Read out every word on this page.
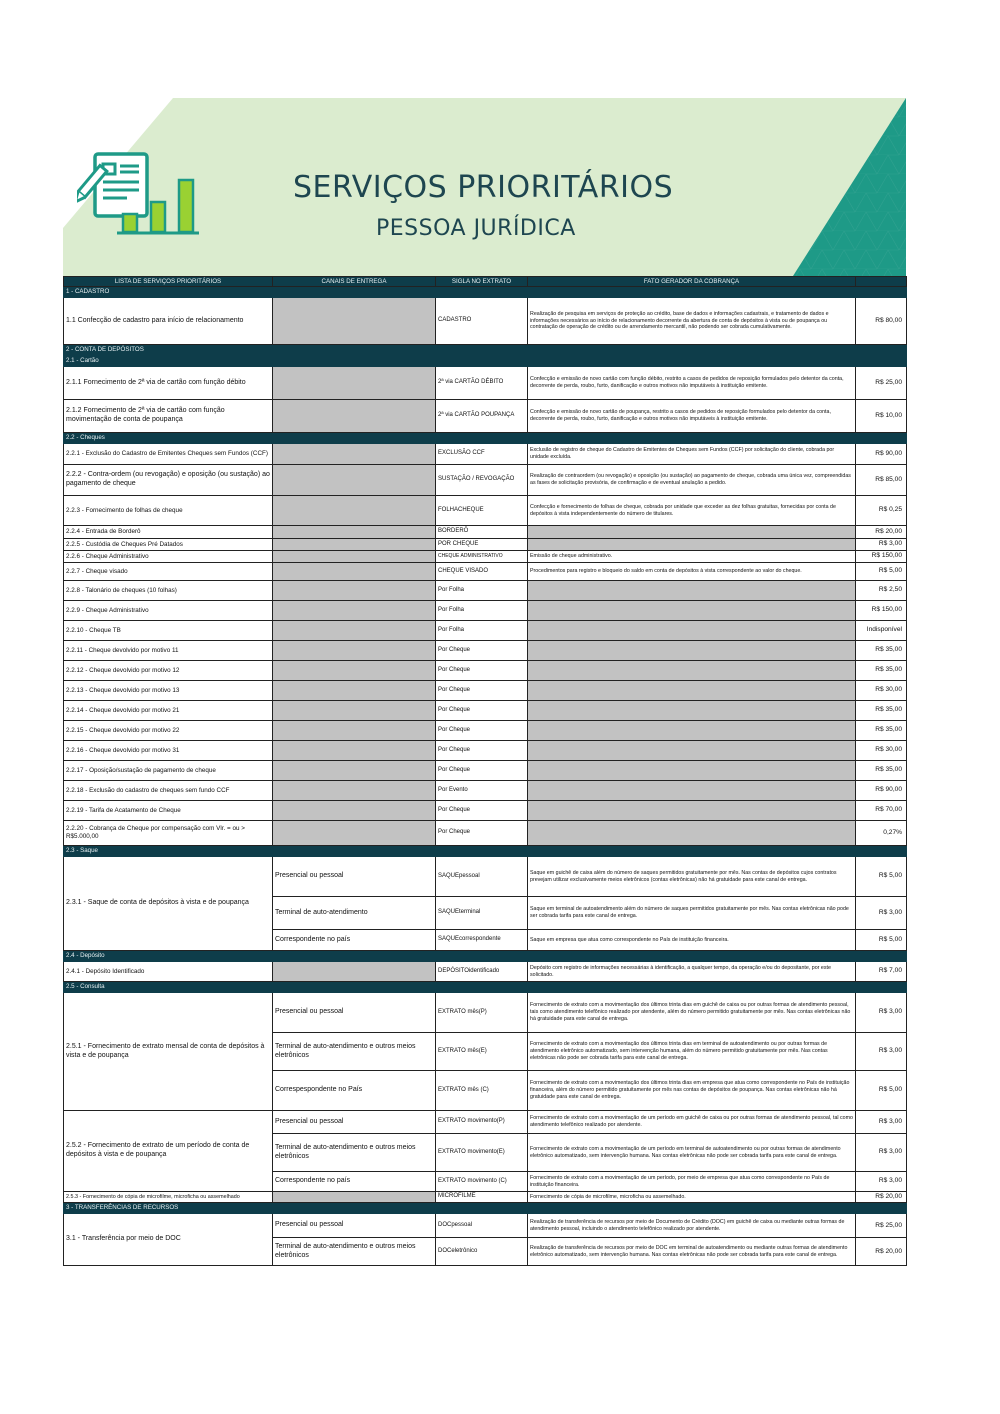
SERVIÇOS PRIORITÁRIOS
PESSOA JURÍDICA
LISTA DE SERVIÇOS PRIORITÁRIOS	CANAIS DE ENTREGA	SIGLA NO EXTRATO	FATO GERADOR DA COBRANÇA	
1 - CADASTRO				
1.1 Confecção de cadastro para início de relacionamento		CADASTRO	Realização de pesquisa em serviços de proteção ao crédito, base de dados e informações cadastrais, e tratamento de dados e informações necessários ao início de relacionamento decorrente da abertura de conta de depósitos à vista ou de poupança ou contratação de operação de crédito ou de arrendamento mercantil, não podendo ser cobrada cumulativamente.	R$ 80,00
2 - CONTA DE DEPÓSITOS				
2.1 - Cartão				
2.1.1 Fornecimento de 2ª via de cartão com função débito		2ª via CARTÃO DÉBITO	Confecção e emissão de novo cartão com função débito, restrito a casos de pedidos de reposição formulados pelo detentor da conta, decorrente de perda, roubo, furto, danificação e outros motivos não imputáveis à instituição emitente.	R$ 25,00
2.1.2 Fornecimento de 2ª via de cartão com função movimentação de conta de poupança		2ª via CARTÃO POUPANÇA	Confecção e emissão de novo cartão de poupança, restrito a casos de pedidos de reposição formulados pelo detentor da conta, decorrente de perda, roubo, furto, danificação e outros motivos não imputáveis à instituição emitente.	R$ 10,00
2.2 - Cheques				
2.2.1 - Exclusão do Cadastro de Emitentes Cheques sem Fundos (CCF)		EXCLUSÃO CCF	Exclusão de registro de cheque do Cadastro de Emitentes de Cheques sem Fundos (CCF) por solicitação do cliente, cobrada por unidade excluída.	R$ 90,00
2.2.2 - Contra-ordem (ou revogação) e oposição (ou sustação) ao pagamento de cheque		SUSTAÇÃO / REVOGAÇÃO	Realização de contraordem (ou revogação) e oposição (ou sustação) ao pagamento de cheque, cobrada uma única vez, compreendidas as fases de solicitação provisória, de confirmação e de eventual anulação a pedido.	R$ 85,00
2.2.3 - Fornecimento de folhas de cheque		FOLHACHEQUE	Confecção e fornecimento de folhas de cheque, cobrada por unidade que exceder as dez folhas gratuitas, fornecidas por conta de depósitos à vista independentemente do número de titulares.	R$ 0,25
2.2.4 - Entrada de Borderô		BORDERÔ		R$ 20,00
2.2.5 - Custódia de Cheques Pré Datados		POR CHEQUE		R$ 3,00
2.2.6 - Cheque Administrativo		CHEQUE ADMINISTRATIVO	Emissão de cheque administrativo.	R$ 150,00
2.2.7 - Cheque visado		CHEQUE VISADO	Procedimentos para registro e bloqueio do saldo em conta de depósitos à vista correspondente ao valor do cheque.	R$ 5,00
2.2.8 - Talonário de cheques (10 folhas)		Por Folha		R$ 2,50
2.2.9 - Cheque Administrativo		Por Folha		R$ 150,00
2.2.10 - Cheque TB		Por Folha		Indisponível
2.2.11 - Cheque devolvido por motivo 11		Por Cheque		R$ 35,00
2.2.12 - Cheque devolvido por motivo 12		Por Cheque		R$ 35,00
2.2.13 - Cheque devolvido por motivo 13		Por Cheque		R$ 30,00
2.2.14 - Cheque devolvido por motivo 21		Por Cheque		R$ 35,00
2.2.15 - Cheque devolvido por motivo 22		Por Cheque		R$ 35,00
2.2.16 - Cheque devolvido por motivo 31		Por Cheque		R$ 30,00
2.2.17 - Oposição/sustação de pagamento de cheque		Por Cheque		R$ 35,00
2.2.18 - Exclusão do cadastro de cheques sem fundo CCF		Por Evento		R$ 90,00
2.2.19 - Tarifa de Acatamento de Cheque		Por Cheque		R$ 70,00
2.2.20 - Cobrança de Cheque por compensação com Vlr. = ou > R$5.000,00		Por Cheque		0,27%
2.3 - Saque				
2.3.1 - Saque de conta de depósitos à vista e de poupança	Presencial ou pessoal	SAQUEpessoal	Saque em guichê de caixa além do número de saques permitidos gratuitamente por mês. Nas contas de depósitos cujos contratos prevejam utilizar exclusivamente meios eletrônicos (contas eletrônicas) não há gratuidade para este canal de entrega.	R$ 5,00
	Terminal de auto-atendimento	SAQUEterminal	Saque em terminal de autoatendimento além do número de saques permitidos gratuitamente por mês. Nas contas eletrônicas não pode ser cobrada tarifa para este canal de entrega.	R$ 3,00
	Correspondente no país	SAQUEcorrespondente	Saque em empresa que atua como correspondente no País de instituição financeira.	R$ 5,00
2.4 - Depósito				
2.4.1 - Depósito Identificado		DEPÓSITOidentificado	Depósito com registro de informações necessárias à identificação, a qualquer tempo, da operação e/ou do depositante, por este solicitado.	R$ 7,00
2.5 - Consulta				
2.5.1 - Fornecimento de extrato mensal de conta de depósitos à vista e de poupança	Presencial ou pessoal	EXTRATO mês(P)	Fornecimento de extrato com a movimentação dos últimos trinta dias em guichê de caixa ou por outras formas de atendimento pessoal, tais como atendimento telefônico realizado por atendente, além do número permitido gratuitamente por mês. Nas contas eletrônicas não há gratuidade para este canal de entrega.	R$ 3,00
	Terminal de auto-atendimento e outros meios eletrônicos	EXTRATO mês(E)	Fornecimento de extrato com a movimentação dos últimos trinta dias em terminal de autoatendimento ou por outras formas de atendimento eletrônico automatizado, sem intervenção humana, além do número permitido gratuitamente por mês. Nas contas eletrônicas não pode ser cobrada tarifa para este canal de entrega.	R$ 3,00
	Correspespondente no País	EXTRATO mês (C)	Fornecimento de extrato com a movimentação dos últimos trinta dias em empresa que atua como correspondente no País de instituição financeira, além do número permitido gratuitamente por mês nas contas de depósitos de poupança. Nas contas eletrônicas não há gratuidade para este canal de entrega.	R$ 5,00
2.5.2 - Fornecimento de extrato de um período de conta de depósitos à vista e de poupança	Presencial ou pessoal	EXTRATO movimento(P)	Fornecimento de extrato com a movimentação de um período em guichê de caixa ou por outras formas de atendimento pessoal, tal como atendimento telefônico realizado por atendente.	R$ 3,00
	Terminal de auto-atendimento e outros meios eletrônicos	EXTRATO movimento(E)	Fornecimento de extrato com a movimentação de um período em terminal de autoatendimento ou por outras formas de atendimento eletrônico automatizado, sem intervenção humana. Nas contas eletrônicas não pode ser cobrada tarifa para este canal de entrega.	R$ 3,00
	Correspondente no país	EXTRATO movimento (C)	Fornecimento de extrato com a movimentação de um período, por meio de empresa que atua como correspondente no País de instituição financeira.	R$ 3,00
2.5.3 - Fornecimento de cópia de microfilme, microficha ou assemelhado		MICROFILME	Fornecimento de cópia de microfilme, microficha ou assemelhado.	R$ 20,00
3 - TRANSFERÊNCIAS DE RECURSOS				
3.1 - Transferência por meio de DOC	Presencial ou pessoal	DOCpessoal	Realização de transferência de recursos por meio de Documento de Crédito (DOC) em guichê de caixa ou mediante outras formas de atendimento pessoal, incluindo o atendimento telefônico realizado por atendente.	R$ 25,00
	Terminal de auto-atendimento e outros meios eletrônicos	DOCeletrônico	Realização de transferência de recursos por meio de DOC em terminal de autoatendimento ou mediante outras formas de atendimento eletrônico automatizado, sem intervenção humana. Nas contas eletrônicas não pode ser cobrada tarifa para este canal de entrega.	R$ 20,00
